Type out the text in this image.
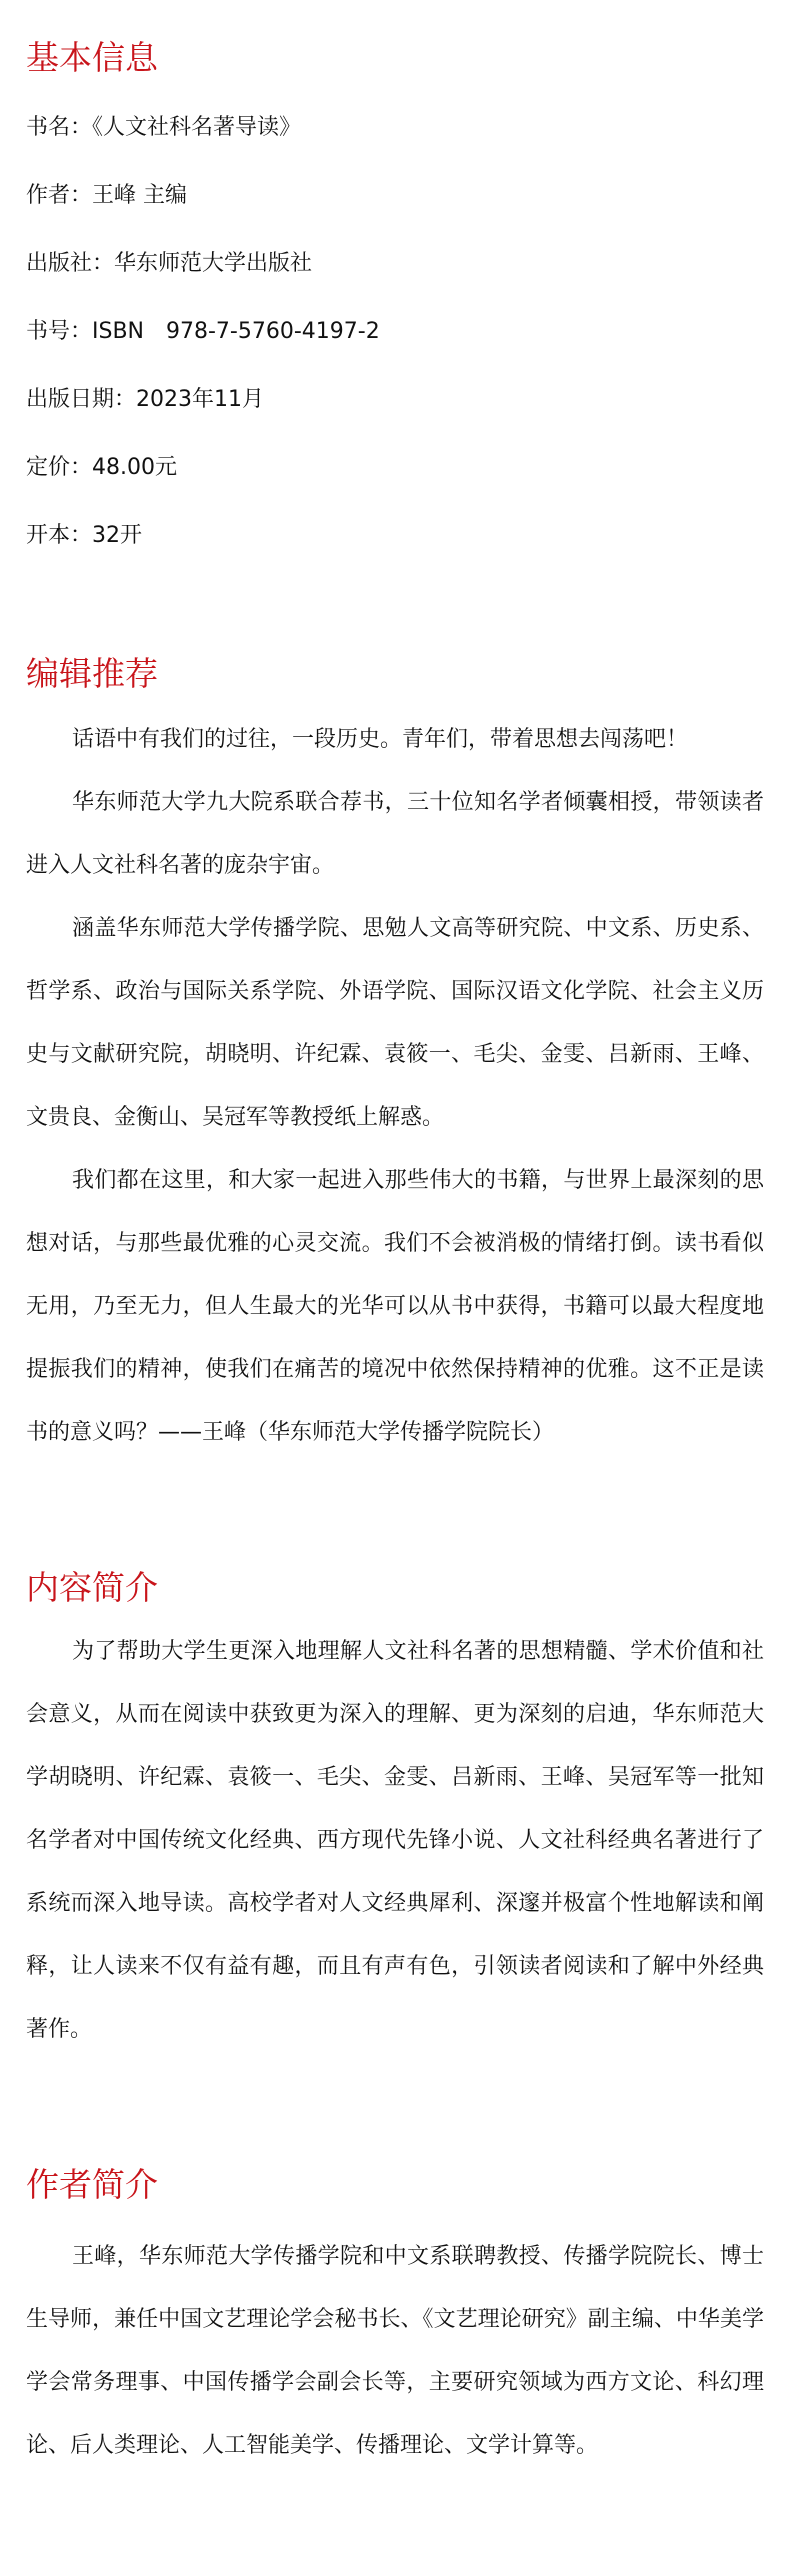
基本信息

书名：《人文社科名著导读》

作者：王峰 主编

出版社：华东师范大学出版社

书号：ISBN　978-7-5760-4197-2

出版日期：2023年11月

定价：48.00元

开本：32开

编辑推荐

话语中有我们的过往，一段历史。青年们，带着思想去闯荡吧！

华东师范大学九大院系联合荐书，三十位知名学者倾囊相授，带领读者进入人文社科名著的庞杂宇宙。

涵盖华东师范大学传播学院、思勉人文高等研究院、中文系、历史系、哲学系、政治与国际关系学院、外语学院、国际汉语文化学院、社会主义历史与文献研究院，胡晓明、许纪霖、袁筱一、毛尖、金雯、吕新雨、王峰、文贵良、金衡山、吴冠军等教授纸上解惑。

我们都在这里，和大家一起进入那些伟大的书籍，与世界上最深刻的思想对话，与那些最优雅的心灵交流。我们不会被消极的情绪打倒。读书看似无用，乃至无力，但人生最大的光华可以从书中获得，书籍可以最大程度地提振我们的精神，使我们在痛苦的境况中依然保持精神的优雅。这不正是读书的意义吗？——王峰（华东师范大学传播学院院长）

内容简介

为了帮助大学生更深入地理解人文社科名著的思想精髓、学术价值和社会意义，从而在阅读中获致更为深入的理解、更为深刻的启迪，华东师范大学胡晓明、许纪霖、袁筱一、毛尖、金雯、吕新雨、王峰、吴冠军等一批知名学者对中国传统文化经典、西方现代先锋小说、人文社科经典名著进行了系统而深入地导读。高校学者对人文经典犀利、深邃并极富个性地解读和阐释，让人读来不仅有益有趣，而且有声有色，引领读者阅读和了解中外经典著作。

作者简介

王峰，华东师范大学传播学院和中文系联聘教授、传播学院院长、博士生导师，兼任中国文艺理论学会秘书长、《文艺理论研究》副主编、中华美学学会常务理事、中国传播学会副会长等，主要研究领域为西方文论、科幻理论、后人类理论、人工智能美学、传播理论、文学计算等。
